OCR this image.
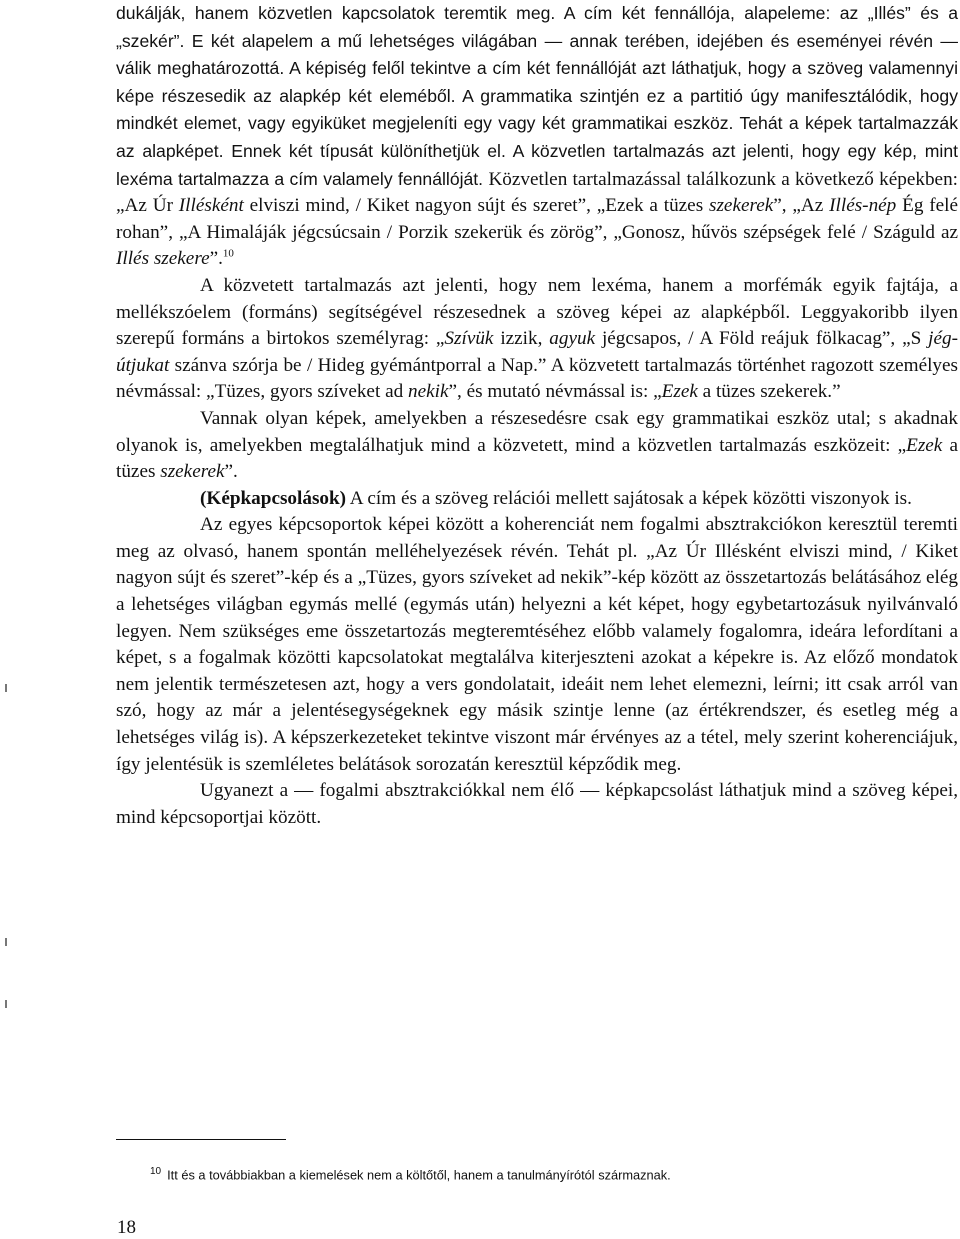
dukálják, hanem közvetlen kapcsolatok teremtik meg. A cím két fennállója, alapeleme: az „Illés” és a „szekér”. E két alapelem a mű lehetséges világában — annak terében, idejében és eseményei révén — válik meghatározottá. A képiség felől tekintve a cím két fennállóját azt láthatjuk, hogy a szöveg valamennyi képe részesedik az alapkép két eleméből. A grammatika szintjén ez a partitió úgy manifesztálódik, hogy mindkét elemet, vagy egyiküket megjeleníti egy vagy két grammatikai eszköz. Tehát a képek tartalmazzák az alapképet. Ennek két típusát különíthetjük el. A közvetlen tartalmazás azt jelenti, hogy egy kép, mint lexéma tartalmazza a cím valamely fennállóját. Közvetlen tartalmazással találkozunk a következő képekben: „Az Úr Illésként elviszi mind, / Kiket nagyon sújt és szeret”, „Ezek a tüzes szekerek”, „Az Illés-nép Ég felé rohan”, „A Himaláják jégcsúcsain / Porzik szekerük és zörög”, „Gonosz, hűvös szépségek felé / Száguld az Illés szekere”.$^{10}$

A közvetett tartalmazás azt jelenti, hogy nem lexéma, hanem a morfémák egyik fajtája, a mellékszóelem (formáns) segítségével részesednek a szöveg képei az alapképből. Leggyakoribb ilyen szerepű formáns a birtokos személyrag: „Szívük izzik, agyuk jégcsapos, / A Föld reájuk fölkacag”, „S jég-útjukat szánva szórja be / Hideg gyémántporral a Nap.” A közvetett tartalmazás történhet ragozott személyes névmással: „Tüzes, gyors szíveket ad nekik”, és mutató névmással is: „Ezek a tüzes szekerek.”

Vannak olyan képek, amelyekben a részesedésre csak egy grammatikai eszköz utal; s akadnak olyanok is, amelyekben megtalálhatjuk mind a közvetett, mind a közvetlen tartalmazás eszközeit: „Ezek a tüzes szekerek”.

(Képkapcsolások) A cím és a szöveg relációi mellett sajátosak a képek közötti viszonyok is.

Az egyes képcsoportok képei között a koherenciát nem fogalmi absztrakciókon keresztül teremti meg az olvasó, hanem spontán melléhelyezések révén. Tehát pl. „Az Úr Illésként elviszi mind, / Kiket nagyon sújt és szeret”-kép és a „Tüzes, gyors szíveket ad nekik”-kép között az összetartozás belátásához elég a lehetséges világban egymás mellé (egymás után) helyezni a két képet, hogy egybetartozásuk nyilvánvaló legyen. Nem szükséges eme összetartozás megteremtéséhez előbb valamely fogalomra, ideára lefordítani a képet, s a fogalmak közötti kapcsolatokat megtalálva kiterjeszteni azokat a képekre is. Az előző mondatok nem jelentik természetesen azt, hogy a vers gondolatait, ideáit nem lehet elemezni, leírni; itt csak arról van szó, hogy az már a jelentésegységeknek egy másik szintje lenne (az értékrendszer, és esetleg még a lehetséges világ is). A képszerkezeteket tekintve viszont már érvényes az a tétel, mely szerint koherenciájuk, így jelentésük is szemléletes belátások sorozatán keresztül képződik meg.

Ugyanezt a — fogalmi absztrakciókkal nem élő — képkapcsolást láthatjuk mind a szöveg képei, mind képcsoportjai között.

$^{10}$ Itt és a továbbiakban a kiemelések nem a költőtől, hanem a tanulmányírótól származnak.
18
